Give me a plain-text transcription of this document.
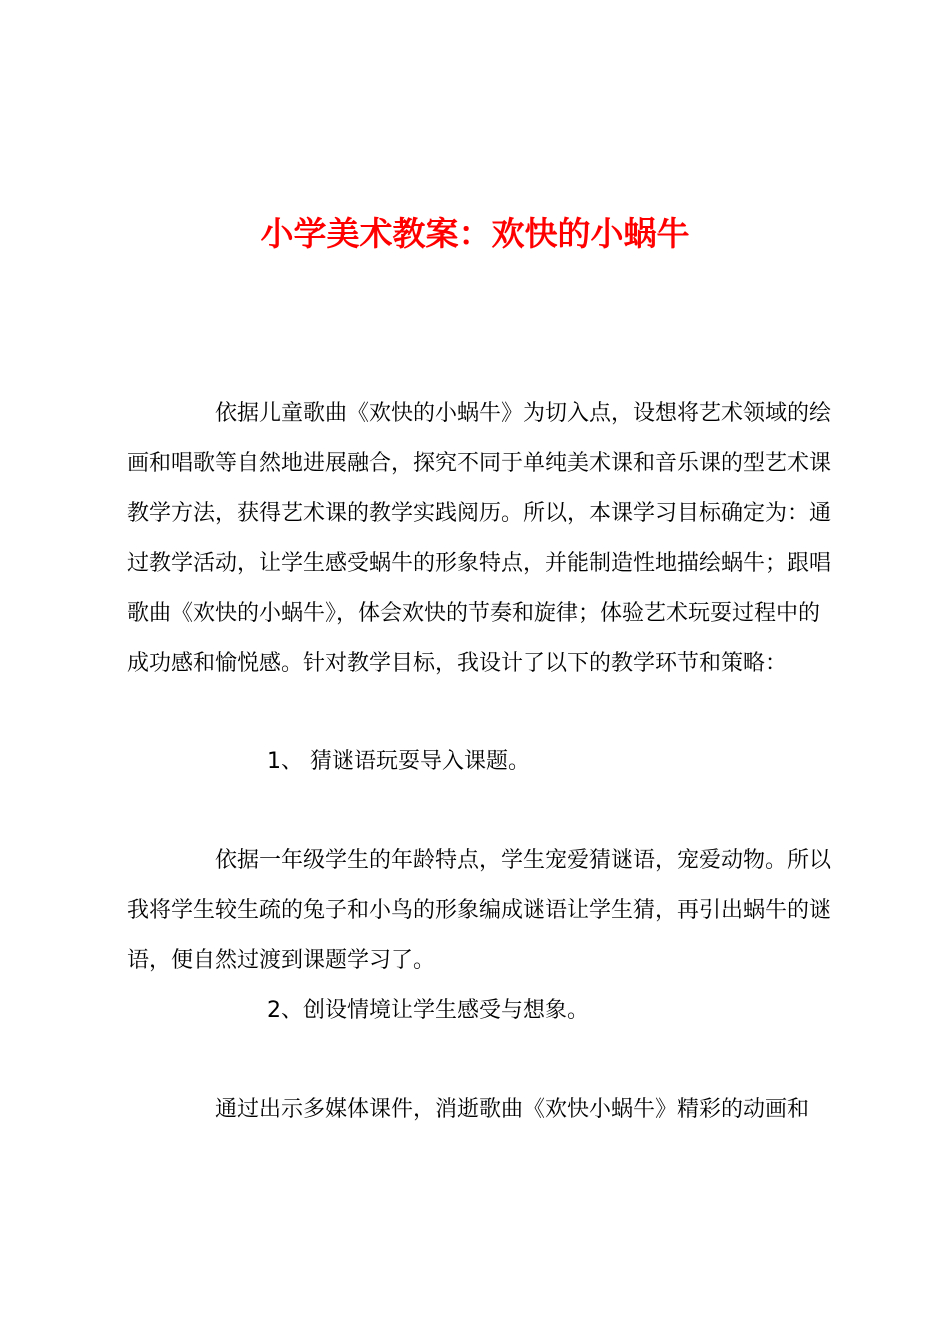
小学美术教案：欢快的小蜗牛

依据儿童歌曲《欢快的小蜗牛》为切入点，设想将艺术领域的绘画和唱歌等自然地进展融合，探究不同于单纯美术课和音乐课的型艺术课教学方法，获得艺术课的教学实践阅历。所以，本课学习目标确定为：通过教学活动，让学生感受蜗牛的形象特点，并能制造性地描绘蜗牛；跟唱歌曲《欢快的小蜗牛》，体会欢快的节奏和旋律；体验艺术玩耍过程中的成功感和愉悦感。针对教学目标，我设计了以下的教学环节和策略：

1、 猜谜语玩耍导入课题。

依据一年级学生的年龄特点，学生宠爱猜谜语，宠爱动物。所以我将学生较生疏的兔子和小鸟的形象编成谜语让学生猜，再引出蜗牛的谜语，便自然过渡到课题学习了。

2、创设情境让学生感受与想象。

通过出示多媒体课件，消逝歌曲《欢快小蜗牛》精彩的动画和
